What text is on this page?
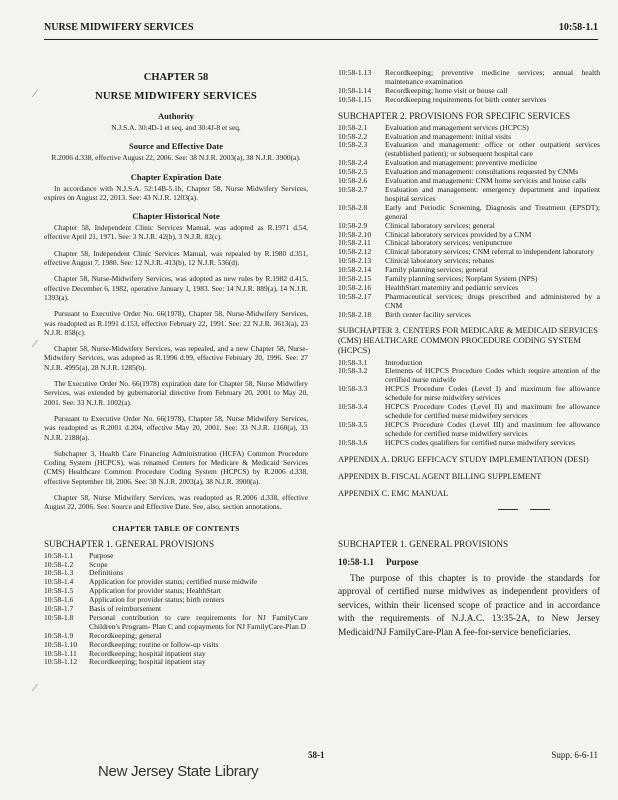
NURSE MIDWIFERY SERVICES	10:58-1.1
⁄
⁄
⁄
CHAPTER 58
NURSE MIDWIFERY SERVICES
Authority
N.J.S.A. 30:4D-1 et seq. and 30:4J-8 et seq.
Source and Effective Date
R.2006 d.338, effective August 22, 2006. See: 38 N.J.R. 2003(a), 38 N.J.R. 3900(a).
Chapter Expiration Date
In accordance with N.J.S.A. 52:14B-5.1b, Chapter 58, Nurse Midwifery Services, expires on August 22, 2013. See: 43 N.J.R. 1203(a).
Chapter Historical Note
Chapter 58, Independent Clinic Services Manual, was adopted as R.1971 d.54, effective April 21, 1971. See: 3 N.J.R. 42(b), 3 N.J.R. 82(c).
Chapter 58, Independent Clinic Services Manual, was repealed by R.1980 d.351, effective August 7, 1980. See: 12 N.J.R. 413(b), 12 N.J.R. 536(d).
Chapter 58, Nurse-Midwifery Services, was adopted as new rules by R.1982 d.415, effective December 6, 1982, operative January 1, 1983. See: 14 N.J.R. 889(a), 14 N.J.R. 1393(a).
Pursuant to Executive Order No. 66(1978), Chapter 58, Nurse-Midwifery Services, was readopted as R.1991 d.153, effective February 22, 1991. See: 22 N.J.R. 3613(a), 23 N.J.R. 858(c).
Chapter 58, Nurse-Midwifery Services, was repealed, and a new Chapter 58, Nurse-Midwifery Services, was adopted as R.1996 d.99, effective February 20, 1996. See: 27 N.J.R. 4995(a), 28 N.J.R. 1285(b).
The Executive Order No. 66(1978) expiration date for Chapter 58, Nurse Midwifery Services, was extended by gubernatorial directive from February 20, 2001 to May 20, 2001. See: 33 N.J.R. 1002(a).
Pursuant to Executive Order No. 66(1978), Chapter 58, Nurse Midwifery Services, was readopted as R.2001 d.204, effective May 20, 2001. See: 33 N.J.R. 1160(a), 33 N.J.R. 2188(a).
Subchapter 3, Health Care Financing Administration (HCFA) Common Procedure Coding System (HCPCS), was renamed Centers for Medicare & Medicaid Services (CMS) Healthcare Common Procedure Coding System (HCPCS) by R.2006 d.338, effective September 18, 2006. See: 38 N.J.R. 2003(a), 38 N.J.R. 3900(a).
Chapter 58, Nurse Midwifery Services, was readopted as R.2006 d.338, effective August 22, 2006. See: Source and Effective Date. See, also, section annotations.
CHAPTER TABLE OF CONTENTS
SUBCHAPTER 1. GENERAL PROVISIONS
10:58-1.1	Purpose
10:58-1.2	Scope
10:58-1.3	Definitions
10:58-1.4	Application for provider status; certified nurse midwife
10:58-1.5	Application for provider status; HealthStart
10:58-1.6	Application for provider status; birth centers
10:58-1.7	Basis of reimbursement
10:58-1.8	Personal contribution to care requirements for NJ FamilyCare Children's Program- Plan C and copayments for NJ FamilyCare-Plan D
10:58-1.9	Recordkeeping; general
10:58-1.10	Recordkeeping; routine or follow-up visits
10:58-1.11	Recordkeeping; hospital inpatient stay
10:58-1.12	Recordkeeping; hospital inpatient stay
10:58-1.13	Recordkeeping; preventive medicine services; annual health maintenance examination
10:58-1.14	Recordkeeping; home visit or house call
10:58-1.15	Recordkeeping requirements for birth center services
SUBCHAPTER 2. PROVISIONS FOR SPECIFIC SERVICES
10:58-2.1	Evaluation and management services (HCPCS)
10:58-2.2	Evaluation and management: initial visits
10:58-2.3	Evaluation and management: office or other outpatient services (established patient); or subsequent hospital care
10:58-2.4	Evaluation and management: preventive medicine
10:58-2.5	Evaluation and management: consultations requested by CNMs
10:58-2.6	Evaluation and management: CNM home services and house calls
10:58-2.7	Evaluation and management: emergency department and inpatient hospital services
10:58-2.8	Early and Periodic Screening, Diagnosis and Treatment (EPSDT); general
10:58-2.9	Clinical laboratory services; general
10:58-2.10	Clinical laboratory services provided by a CNM
10:58-2.11	Clinical laboratory services; venipuncture
10:58-2.12	Clinical laboratory services; CNM referral to independent laboratory
10:58-2.13	Clinical laboratory services; rebates
10:58-2.14	Family planning services; general
10:58-2.15	Family planning services; Norplant System (NPS)
10:58-2.16	HealthStart maternity and pediatric services
10:58-2.17	Pharmaceutical services; drugs prescribed and administered by a CNM
10:58-2.18	Birth center facility services
SUBCHAPTER 3. CENTERS FOR MEDICARE & MEDICAID SERVICES (CMS) HEALTHCARE COMMON PROCEDURE CODING SYSTEM (HCPCS)
10:58-3.1	Introduction
10:58-3.2	Elements of HCPCS Procedure Codes which require attention of the certified nurse midwife
10:58-3.3	HCPCS Procedure Codes (Level I) and maximum fee allowance schedule for nurse midwifery services
10:58-3.4	HCPCS Procedure Codes (Level II) and maximum fee allowance schedule for certified nurse midwifery services
10:58-3.5	HCPCS Procedure Codes (Level III) and maximum fee allowance schedule for certified nurse midwifery services
10:58-3.6	HCPCS codes qualifiers for certified nurse midwifery services
APPENDIX A. DRUG EFFICACY STUDY IMPLEMENTATION (DESI)
APPENDIX B. FISCAL AGENT BILLING SUPPLEMENT
APPENDIX C. EMC MANUAL
SUBCHAPTER 1. GENERAL PROVISIONS
10:58-1.1 Purpose
The purpose of this chapter is to provide the standards for approval of certified nurse midwives as independent providers of services, within their licensed scope of practice and in accordance with the requirements of N.J.A.C. 13:35-2A, to New Jersey Medicaid/NJ FamilyCare-Plan A fee-for-service beneficiaries.
58-1	Supp. 6-6-11
New Jersey State Library
